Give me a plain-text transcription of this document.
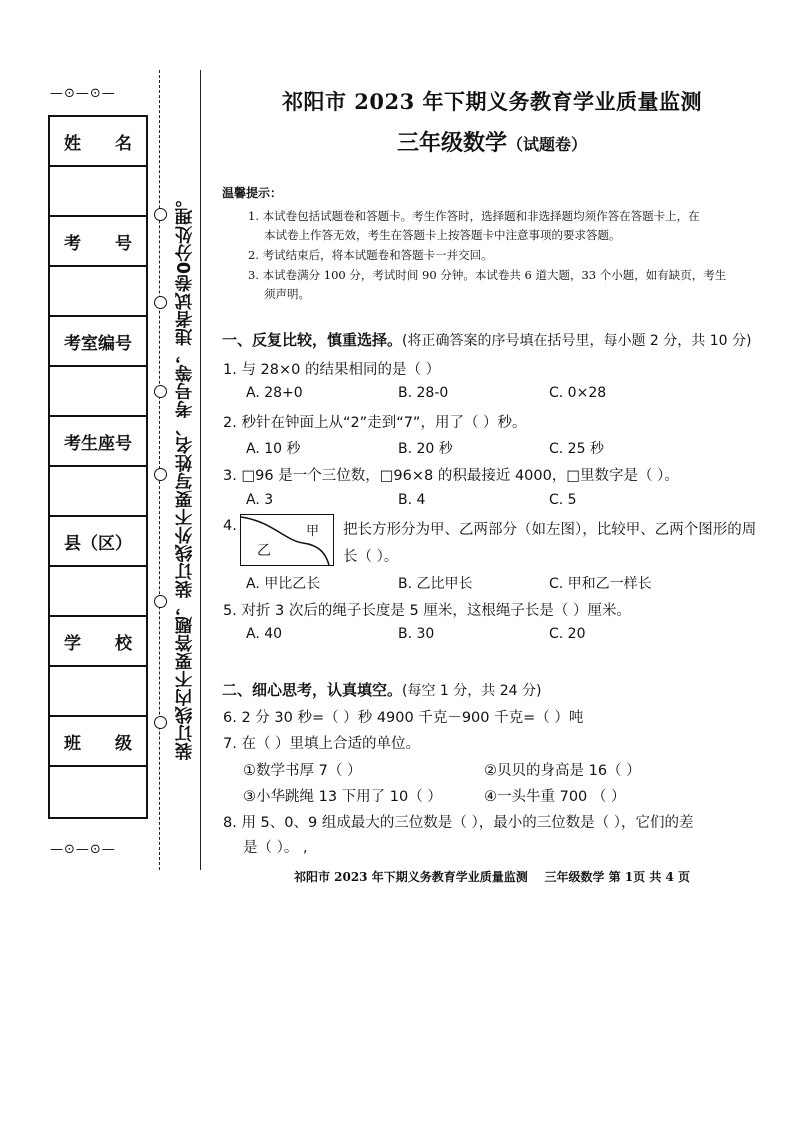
—⊙—⊙—
姓　　名
考　　号
考室编号
考生座号
县（区）
学　　校
班　　级
—⊙—⊙—
装订线内不要答题，装订线外不要写姓名、考号等，违者试卷0分处理。
祁阳市 2023 年下期义务教育学业质量监测
三年级数学（试题卷）
温馨提示：
1. 本试卷包括试题卷和答题卡。考生作答时，选择题和非选择题均须作答在答题卡上，在
本试卷上作答无效，考生在答题卡上按答题卡中注意事项的要求答题。
2. 考试结束后，将本试题卷和答题卡一并交回。
3. 本试卷满分 100 分，考试时间 90 分钟。本试卷共 6 道大题，33 个小题，如有缺页，考生
须声明。
一、反复比较，慎重选择。(将正确答案的序号填在括号里，每小题 2 分，共 10 分)
1. 与 28×0 的结果相同的是（ ）
A. 28+0	B. 28-0	C. 0×28
2. 秒针在钟面上从“2”走到“7”，用了（ ）秒。
A. 10 秒	B. 20 秒	C. 25 秒
3. □96 是一个三位数，□96×8 的积最接近 4000，□里数字是（ ）。
A. 3	B. 4	C. 5
4.	甲
乙
把长方形分为甲、乙两部分（如左图），比较甲、乙两个图形的周
长（ ）。
A. 甲比乙长	B. 乙比甲长	C. 甲和乙一样长
5. 对折 3 次后的绳子长度是 5 厘米，这根绳子长是（ ）厘米。
A. 40	B. 30	C. 20
二、细心思考，认真填空。(每空 1 分，共 24 分)
6. 2 分 30 秒=（ ）秒 4900 千克－900 千克=（ ）吨
7. 在（ ）里填上合适的单位。
①数学书厚 7（ ）	②贝贝的身高是 16（ ）
③小华跳绳 13 下用了 10（ ）	④一头牛重 700 （ ）
8. 用 5、0、9 组成最大的三位数是（ ），最小的三位数是（ ），它们的差
是（ ）。 ,
祁阳市 2023 年下期义务教育学业质量监测 三年级数学 第 1页 共 4 页
